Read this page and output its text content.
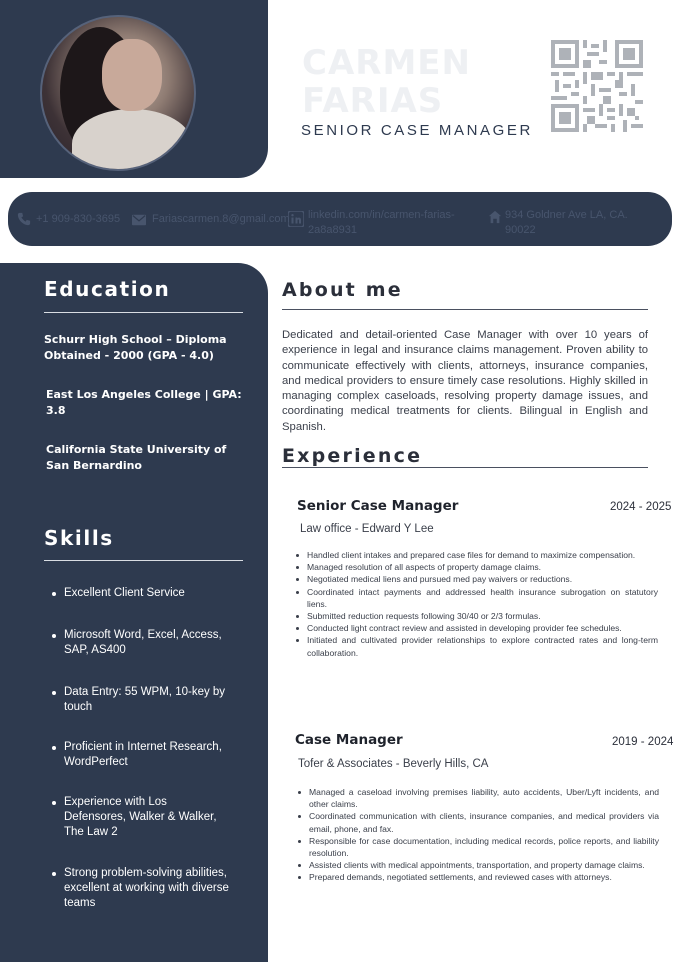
CARMEN
FARIAS
SENIOR CASE MANAGER
+1 909-830-3695	Fariascarmen.8@gmail.com linkedin.com/in/carmen-farias-2a8a8931
934 Goldner Ave LA, CA. 90022
Education
Schurr High School – Diploma Obtained - 2000 (GPA - 4.0)
East Los Angeles College | GPA: 3.8
California State University of San Bernardino
Skills
Excellent Client Service
Microsoft Word, Excel, Access, SAP, AS400
Data Entry: 55 WPM, 10-key by touch
Proficient in Internet Research, WordPerfect
Experience with Los Defensores, Walker & Walker, The Law 2
Strong problem-solving abilities, excellent at working with diverse teams
About me
Dedicated and detail-oriented Case Manager with over 10 years of experience in legal and insurance claims management. Proven ability to communicate effectively with clients, attorneys, insurance companies, and medical providers to ensure timely case resolutions. Highly skilled in managing complex caseloads, resolving property damage issues, and coordinating medical treatments for clients. Bilingual in English and Spanish.
Experience
Senior Case Manager	2024 - 2025
Law office - Edward Y Lee
Handled client intakes and prepared case files for demand to maximize compensation.
Managed resolution of all aspects of property damage claims.
Negotiated medical liens and pursued med pay waivers or reductions.
Coordinated intact payments and addressed health insurance subrogation on statutory liens.
Submitted reduction requests following 30/40 or 2/3 formulas.
Conducted light contract review and assisted in developing provider fee schedules.
Initiated and cultivated provider relationships to explore contracted rates and long-term collaboration.
Case Manager	2019 - 2024
Tofer & Associates - Beverly Hills, CA
Managed a caseload involving premises liability, auto accidents, Uber/Lyft incidents, and other claims.
Coordinated communication with clients, insurance companies, and medical providers via email, phone, and fax.
Responsible for case documentation, including medical records, police reports, and liability resolution.
Assisted clients with medical appointments, transportation, and property damage claims.
Prepared demands, negotiated settlements, and reviewed cases with attorneys.
